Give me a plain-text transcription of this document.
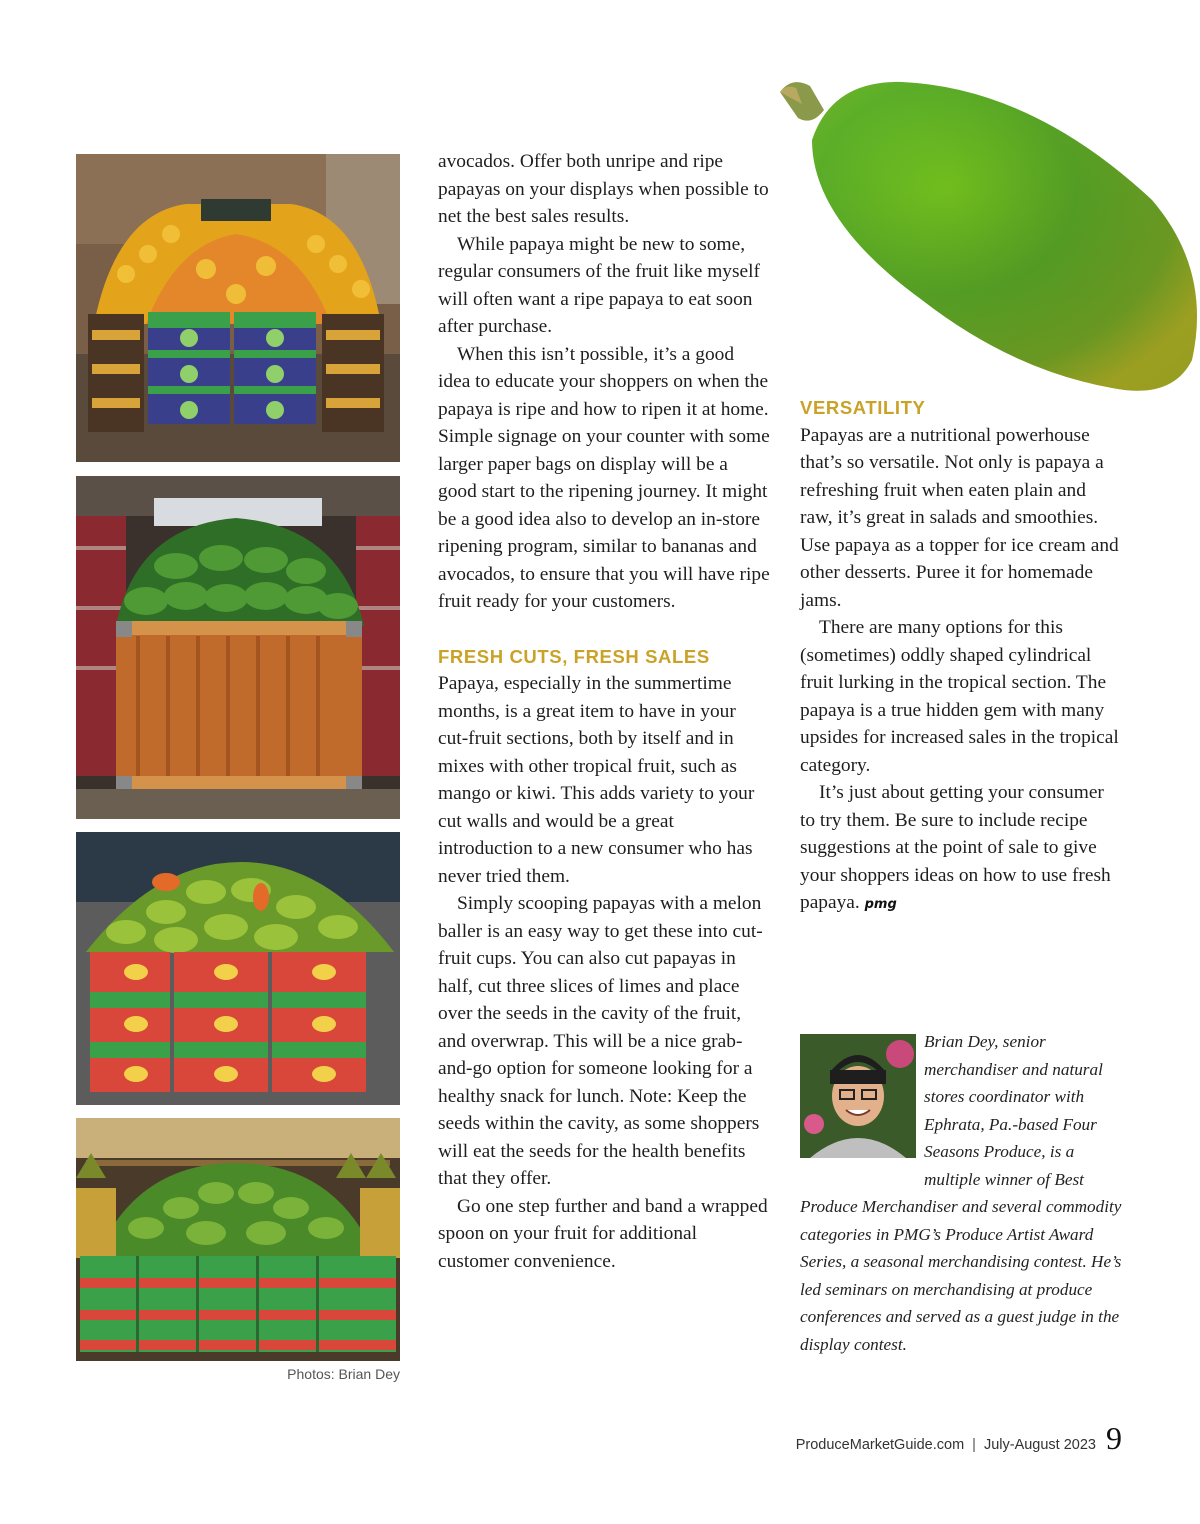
Photos: Brian Dey

avocados. Offer both unripe and ripe papayas on your displays when possible to net the best sales results.

While papaya might be new to some, regular consumers of the fruit like myself will often want a ripe papaya to eat soon after purchase.

When this isn’t possible, it’s a good idea to educate your shoppers on when the papaya is ripe and how to ripen it at home. Simple signage on your counter with some larger paper bags on display will be a good start to the ripening journey. It might be a good idea also to develop an in-store ripening program, similar to bananas and avocados, to ensure that you will have ripe fruit ready for your customers.

FRESH CUTS, FRESH SALES

Papaya, especially in the summertime months, is a great item to have in your cut-fruit sections, both by itself and in mixes with other tropical fruit, such as mango or kiwi. This adds variety to your cut walls and would be a great introduction to a new consumer who has never tried them.

Simply scooping papayas with a melon baller is an easy way to get these into cut-fruit cups. You can also cut papayas in half, cut three slices of limes and place over the seeds in the cavity of the fruit, and overwrap. This will be a nice grab-and-go option for someone looking for a healthy snack for lunch. Note: Keep the seeds within the cavity, as some shoppers will eat the seeds for the health benefits that they offer.

Go one step further and band a wrapped spoon on your fruit for additional customer convenience.

VERSATILITY

Papayas are a nutritional powerhouse that’s so versatile. Not only is papaya a refreshing fruit when eaten plain and raw, it’s great in salads and smoothies. Use papaya as a topper for ice cream and other desserts. Puree it for homemade jams.

There are many options for this (sometimes) oddly shaped cylindrical fruit lurking in the tropical section. The papaya is a true hidden gem with many upsides for increased sales in the tropical category.

It’s just about getting your consumer to try them. Be sure to include recipe suggestions at the point of sale to give your shoppers ideas on how to use fresh papaya. pmg

Brian Dey, senior merchandiser and natural stores coordinator with Ephrata, Pa.-based Four Seasons Produce, is a multiple winner of Best Produce Merchandiser and several commodity categories in PMG’s Produce Artist Award Series, a seasonal merchandising contest. He’s led seminars on merchandising at produce conferences and served as a guest judge in the display contest.
ProduceMarketGuide.com | July-August 2023 9
